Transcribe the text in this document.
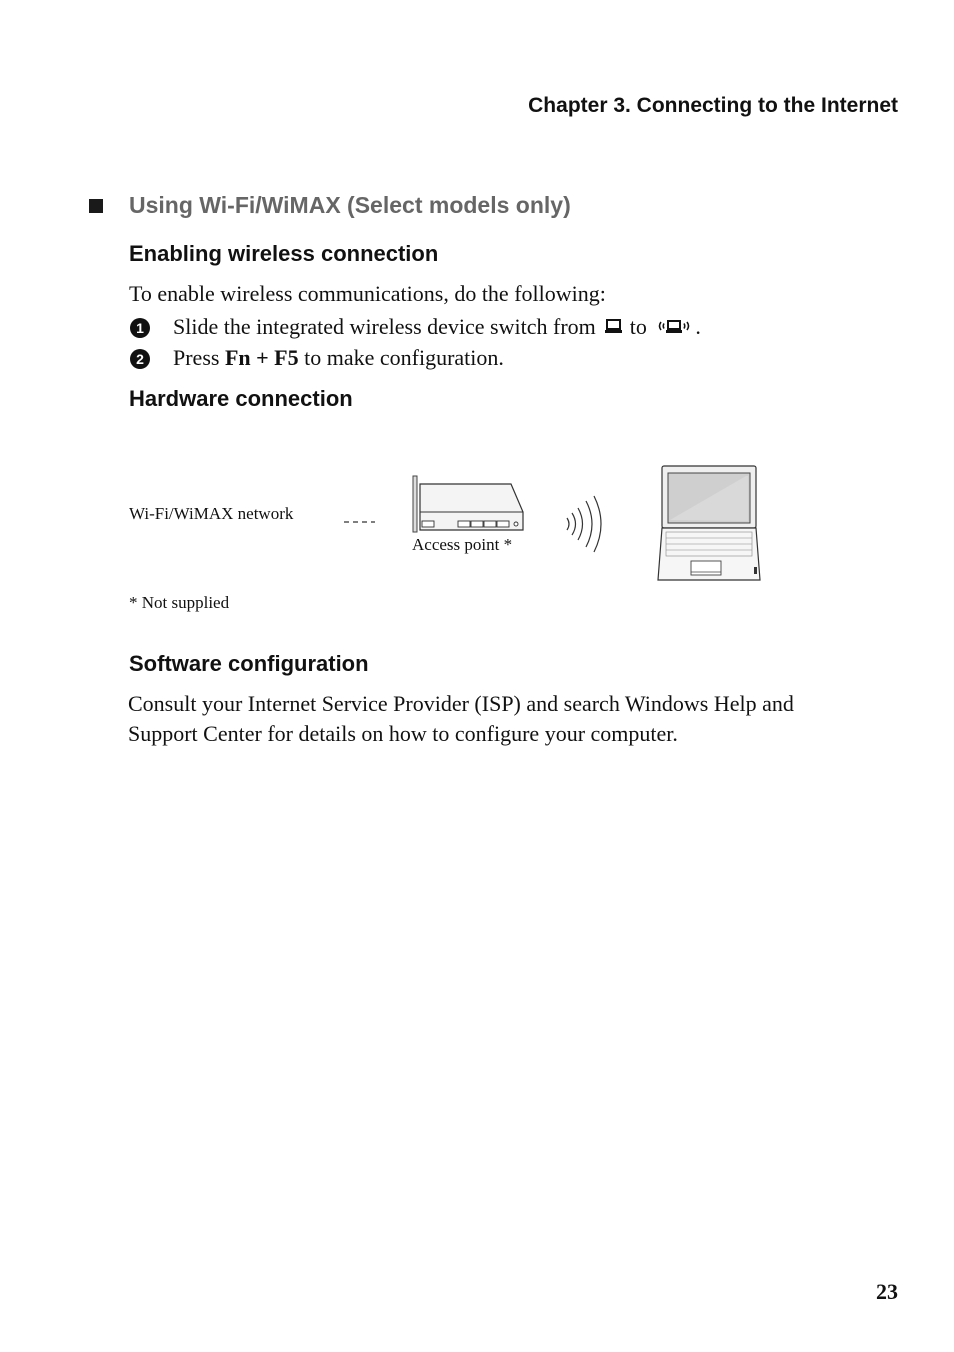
Chapter 3. Connecting to the Internet
Using Wi-Fi/WiMAX (Select models only)
Enabling wireless connection
To enable wireless communications, do the following:
1 Slide the integrated wireless device switch from to .
2 Press Fn + F5 to make configuration.
Hardware connection
Wi-Fi/WiMAX network
Access point *
* Not supplied
Software configuration
Consult your Internet Service Provider (ISP) and search Windows Help and
Support Center for details on how to configure your computer.
23
